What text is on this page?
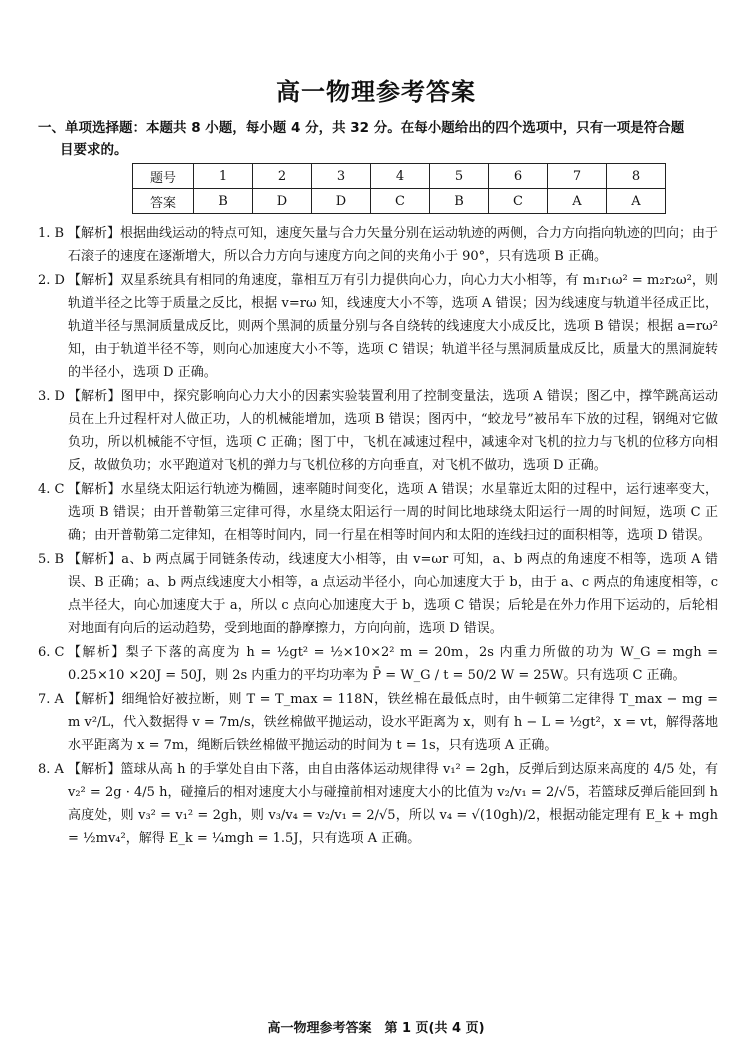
高一物理参考答案
一、单项选择题：本题共 8 小题，每小题 4 分，共 32 分。在每小题给出的四个选项中，只有一项是符合题
目要求的。
题号	1	2	3	4	5	6	7	8
答案	B	D	D	C	B	C	A	A
1. B 【解析】根据曲线运动的特点可知，速度矢量与合力矢量分别在运动轨迹的两侧，合力方向指向轨迹的凹向；由于石滚子的速度在逐渐增大，所以合力方向与速度方向之间的夹角小于 90°，只有选项 B 正确。
2. D 【解析】双星系统具有相同的角速度，靠相互万有引力提供向心力，向心力大小相等，有 m₁r₁ω² = m₂r₂ω²，则轨道半径之比等于质量之反比，根据 v=rω 知，线速度大小不等，选项 A 错误；因为线速度与轨道半径成正比，轨道半径与黑洞质量成反比，则两个黑洞的质量分别与各自绕转的线速度大小成反比，选项 B 错误；根据 a=rω² 知，由于轨道半径不等，则向心加速度大小不等，选项 C 错误；轨道半径与黑洞质量成反比，质量大的黑洞旋转的半径小，选项 D 正确。
3. D 【解析】图甲中，探究影响向心力大小的因素实验装置利用了控制变量法，选项 A 错误；图乙中，撑竿跳高运动员在上升过程杆对人做正功，人的机械能增加，选项 B 错误；图丙中，“蛟龙号”被吊车下放的过程，钢绳对它做负功，所以机械能不守恒，选项 C 正确；图丁中，飞机在减速过程中，减速伞对飞机的拉力与飞机的位移方向相反，故做负功；水平跑道对飞机的弹力与飞机位移的方向垂直，对飞机不做功，选项 D 正确。
4. C 【解析】水星绕太阳运行轨迹为椭圆，速率随时间变化，选项 A 错误；水星靠近太阳的过程中，运行速率变大，选项 B 错误；由开普勒第三定律可得，水星绕太阳运行一周的时间比地球绕太阳运行一周的时间短，选项 C 正确；由开普勒第二定律知，在相等时间内，同一行星在相等时间内和太阳的连线扫过的面积相等，选项 D 错误。
5. B 【解析】a、b 两点属于同链条传动，线速度大小相等，由 v=ωr 可知，a、b 两点的角速度不相等，选项 A 错误、B 正确；a、b 两点线速度大小相等，a 点运动半径小，向心加速度大于 b，由于 a、c 两点的角速度相等，c 点半径大，向心加速度大于 a，所以 c 点向心加速度大于 b，选项 C 错误；后轮是在外力作用下运动的，后轮相对地面有向后的运动趋势，受到地面的静摩擦力，方向向前，选项 D 错误。
6. C 【解析】梨子下落的高度为 h = ½gt² = ½×10×2² m = 20m，2s 内重力所做的功为 W_G = mgh = 0.25×10 ×20J = 50J，则 2s 内重力的平均功率为 P̄ = W_G / t = 50/2 W = 25W。只有选项 C 正确。
7. A 【解析】细绳恰好被拉断，则 T = T_max = 118N，铁丝棉在最低点时，由牛顿第二定律得 T_max − mg = m v²/L，代入数据得 v = 7m/s，铁丝棉做平抛运动，设水平距离为 x，则有 h − L = ½gt²，x = vt，解得落地水平距离为 x = 7m，绳断后铁丝棉做平抛运动的时间为 t = 1s，只有选项 A 正确。
8. A 【解析】篮球从高 h 的手掌处自由下落，由自由落体运动规律得 v₁² = 2gh，反弹后到达原来高度的 4/5 处，有 v₂² = 2g · 4/5 h，碰撞后的相对速度大小与碰撞前相对速度大小的比值为 v₂/v₁ = 2/√5，若篮球反弹后能回到 h 高度处，则 v₃² = v₁² = 2gh，则 v₃/v₄ = v₂/v₁ = 2/√5，所以 v₄ = √(10gh)/2，根据动能定理有 E_k + mgh = ½mv₄²，解得 E_k = ¼mgh = 1.5J，只有选项 A 正确。
高一物理参考答案　第 1 页(共 4 页)
